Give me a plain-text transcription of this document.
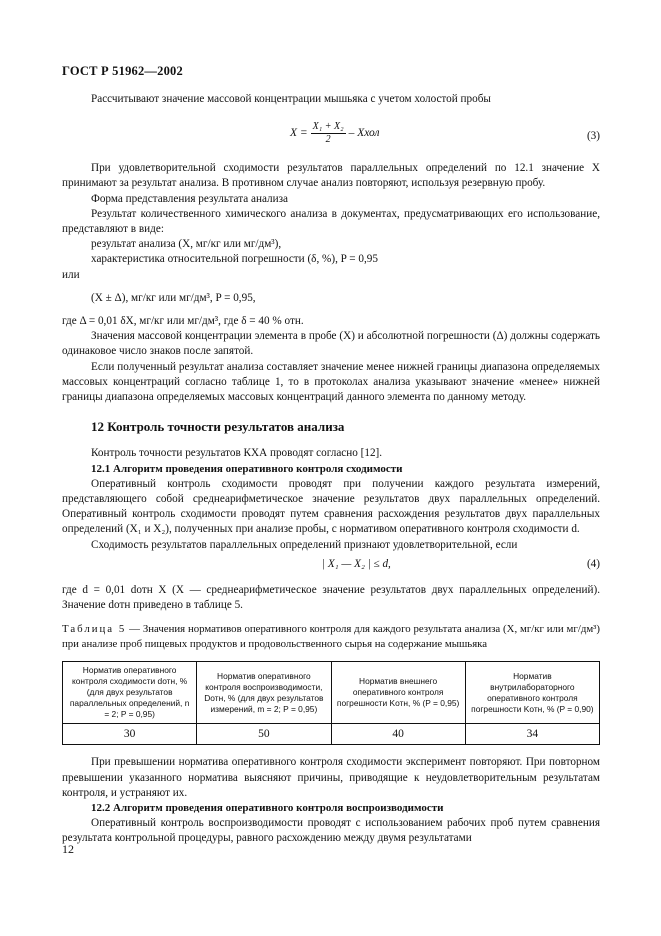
ГОСТ Р 51962—2002

Рассчитывают значение массовой концентрации мышьяка с учетом холостой пробы

$X = \frac{\text{X₁ + X₂}}{2}$ – Xхол	(3)

При удовлетворительной сходимости результатов параллельных определений по 12.1 значение X принимают за результат анализа. В противном случае анализ повторяют, используя резервную пробу.

Форма представления результата анализа

Результат количественного химического анализа в документах, предусматривающих его использование, представляют в виде:

результат анализа (X, мг/кг или мг/дм³),

характеристика относительной погрешности (δ, %), P = 0,95

или

(X ± Δ), мг/кг или мг/дм³, P = 0,95,

где Δ = 0,01 δX, мг/кг или мг/дм³, где δ = 40 % отн.

Значения массовой концентрации элемента в пробе (X) и абсолютной погрешности (Δ) должны содержать одинаковое число знаков после запятой.

Если полученный результат анализа составляет значение менее нижней границы диапазона определяемых массовых концентраций согласно таблице 1, то в протоколах анализа указывают значение «менее» нижней границы диапазона определяемых массовых концентраций данного элемента по данному методу.

12 Контроль точности результатов анализа

Контроль точности результатов КХА проводят согласно [12].

12.1 Алгоритм проведения оперативного контроля сходимости

Оперативный контроль сходимости проводят при получении каждого результата измерений, представляющего собой среднеарифметическое значение результатов двух параллельных определений. Оперативный контроль сходимости проводят путем сравнения расхождения результатов двух параллельных определений (X₁ и X₂), полученных при анализе пробы, с нормативом оперативного контроля сходимости d.

Сходимость результатов параллельных определений признают удовлетворительной, если

| X₁ — X₂ | ≤ d,	(4)

где d = 0,01 dотн X (X — среднеарифметическое значение результатов двух параллельных определений). Значение dотн приведено в таблице 5.

Таблица 5 — Значения нормативов оперативного контроля для каждого результата анализа (X, мг/кг или мг/дм³) при анализе проб пищевых продуктов и продовольственного сырья на содержание мышьяка

Норматив оперативного контроля сходимости dотн, % (для двух результатов параллельных определений, n = 2; P = 0,95)	Норматив оперативного контроля воспроизводимости, Dотн, % (для двух результатов измерений, m = 2; P = 0,95)	Норматив внешнего оперативного контроля погрешности Kотн, % (P = 0,95)	Норматив внутрилабораторного оперативного контроля погрешности Kотн, % (P = 0,90)
30	50	40	34

При превышении норматива оперативного контроля сходимости эксперимент повторяют. При повторном превышении указанного норматива выясняют причины, приводящие к неудовлетворительным результатам контроля, и устраняют их.

12.2 Алгоритм проведения оперативного контроля воспроизводимости

Оперативный контроль воспроизводимости проводят с использованием рабочих проб путем сравнения результата контрольной процедуры, равного расхождению между двумя результатами

12
